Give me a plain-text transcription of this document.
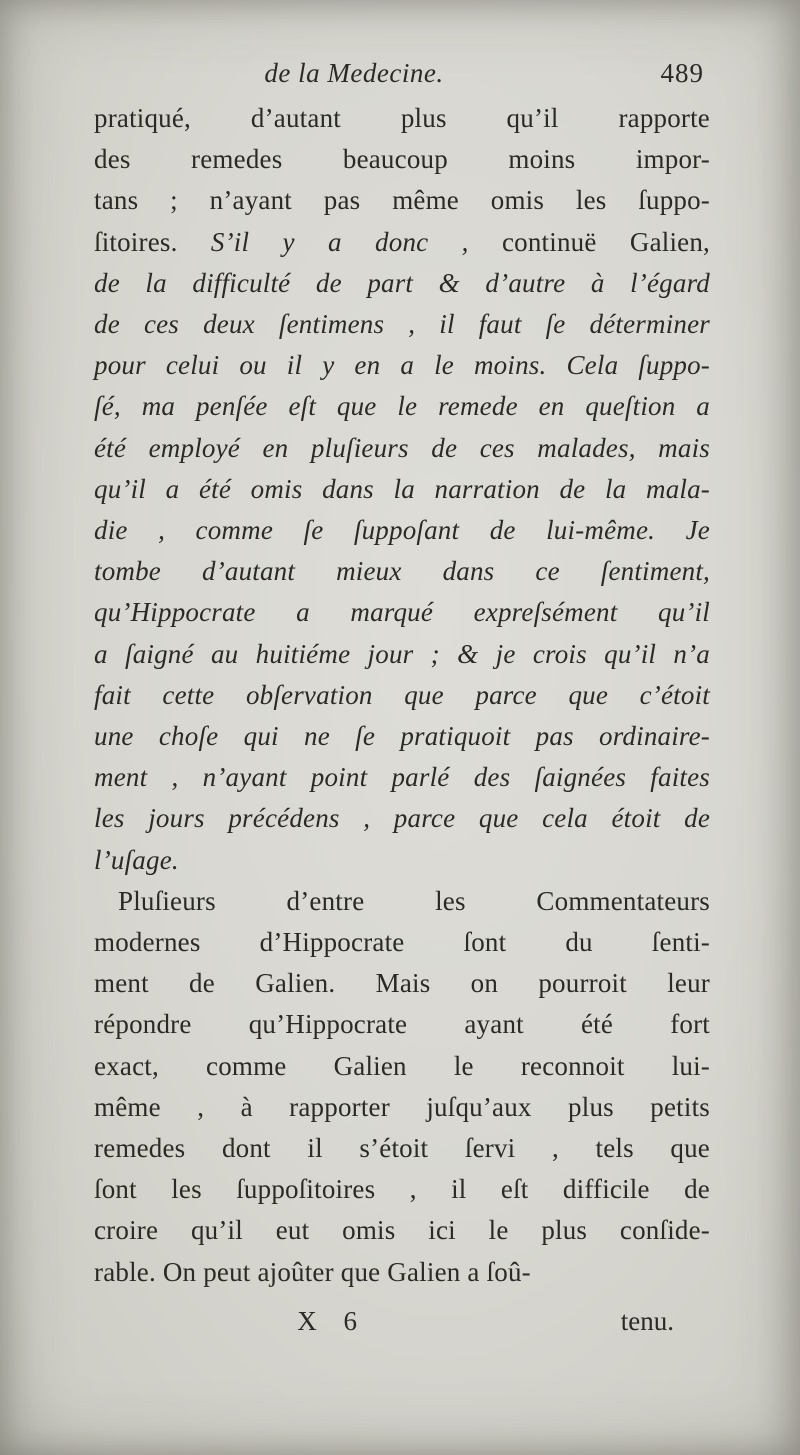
de la Medecine.	489
pratiqué, d’autant plus qu’il rapporte
des remedes beaucoup moins impor-
tans ; n’ayant pas même omis les ſuppo-
ſitoires. S’il y a donc , continuë Galien,
de la difficulté de part & d’autre à l’égard
de ces deux ſentimens , il faut ſe déterminer
pour celui ou il y en a le moins. Cela ſuppo-
ſé, ma penſée eſt que le remede en queſtion a
été employé en pluſieurs de ces malades, mais
qu’il a été omis dans la narration de la mala-
die , comme ſe ſuppoſant de lui-même. Je
tombe d’autant mieux dans ce ſentiment,
qu’Hippocrate a marqué expreſsément qu’il
a ſaigné au huitiéme jour ; & je crois qu’il n’a
fait cette obſervation que parce que c’étoit
une choſe qui ne ſe pratiquoit pas ordinaire-
ment , n’ayant point parlé des ſaignées faites
les jours précédens , parce que cela étoit de
l’uſage.
Pluſieurs d’entre les Commentateurs
modernes d’Hippocrate ſont du ſenti-
ment de Galien. Mais on pourroit leur
répondre qu’Hippocrate ayant été fort
exact, comme Galien le reconnoit lui-
même , à rapporter juſqu’aux plus petits
remedes dont il s’étoit ſervi , tels que
ſont les ſuppoſitoires , il eſt difficile de
croire qu’il eut omis ici le plus conſide-
rable. On peut ajoûter que Galien a ſoû-
X 6	tenu.
